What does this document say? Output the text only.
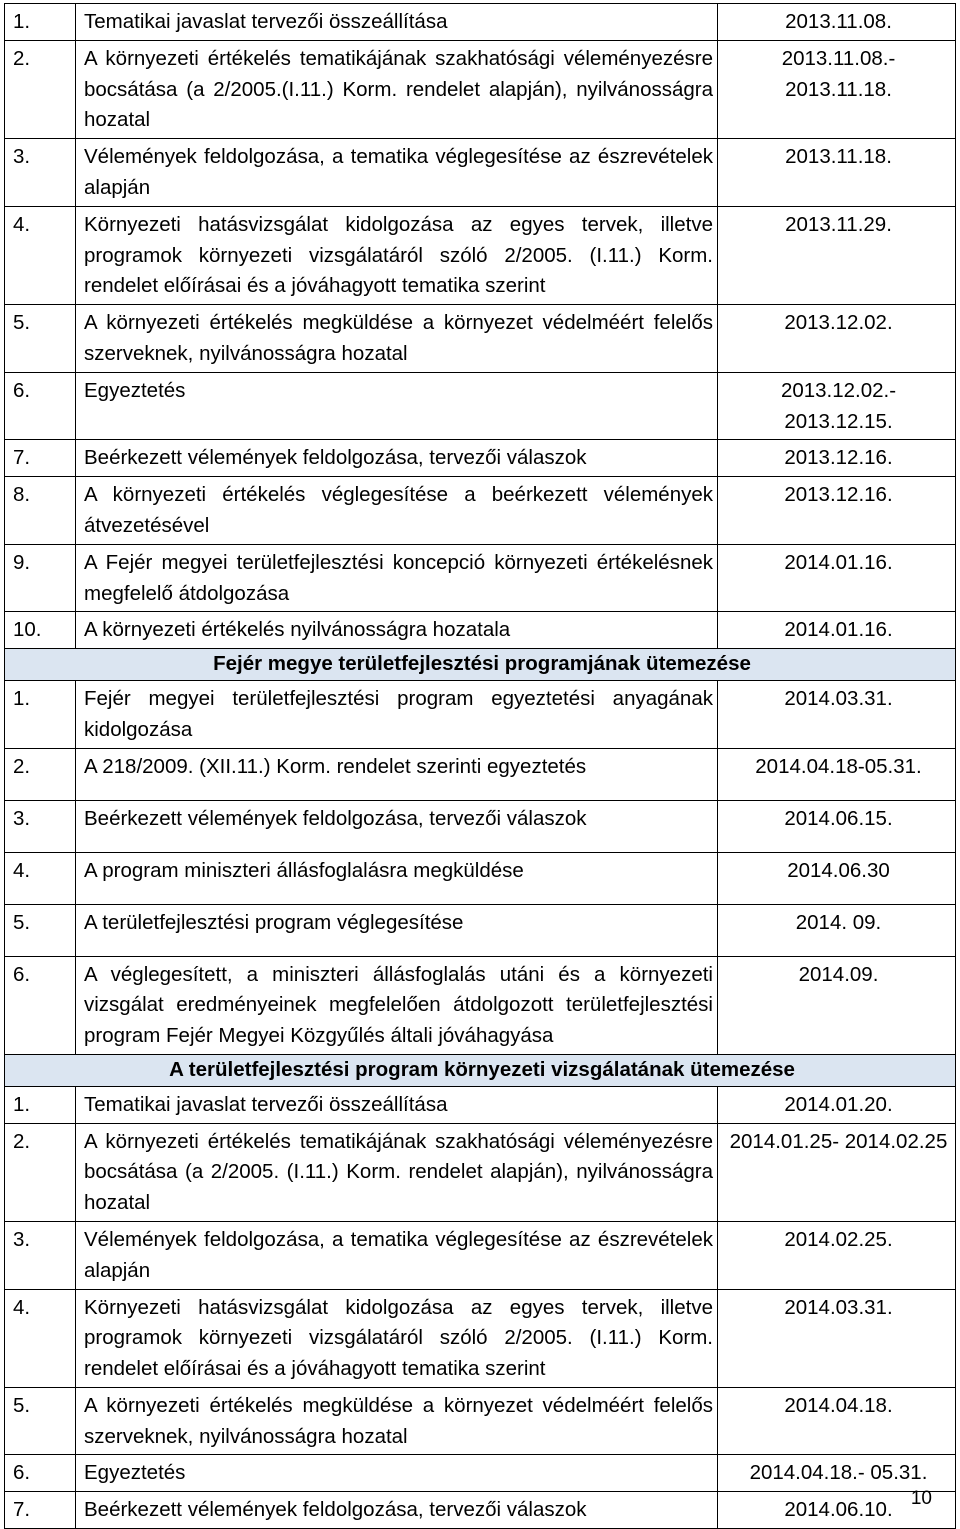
1.	Tematikai javaslat tervezői összeállítása	2013.11.08.
2.	A környezeti értékelés tematikájának szakhatósági véleményezésre bocsátása (a 2/2005.(I.11.) Korm. rendelet alapján), nyilvánosságra hozatal	2013.11.08.- 2013.11.18.
3.	Vélemények feldolgozása, a tematika véglegesítése az észrevételek alapján	2013.11.18.
4.	Környezeti hatásvizsgálat kidolgozása az egyes tervek, illetve programok környezeti vizsgálatáról szóló 2/2005. (I.11.) Korm. rendelet előírásai és a jóváhagyott tematika szerint	2013.11.29.
5.	A környezeti értékelés megküldése a környezet védelméért felelős szerveknek, nyilvánosságra hozatal	2013.12.02.
6.	Egyeztetés	2013.12.02.- 2013.12.15.
7.	Beérkezett vélemények feldolgozása, tervezői válaszok	2013.12.16.
8.	A környezeti értékelés véglegesítése a beérkezett vélemények átvezetésével	2013.12.16.
9.	A Fejér megyei területfejlesztési koncepció környezeti értékelésnek megfelelő átdolgozása	2014.01.16.
10.	A környezeti értékelés nyilvánosságra hozatala	2014.01.16.
Fejér megye területfejlesztési programjának ütemezése		
1.	Fejér megyei területfejlesztési program egyeztetési anyagának kidolgozása	2014.03.31.
2.	A 218/2009. (XII.11.) Korm. rendelet szerinti egyeztetés	2014.04.18-05.31.
3.	Beérkezett vélemények feldolgozása, tervezői válaszok	2014.06.15.
4.	A program miniszteri állásfoglalásra megküldése	2014.06.30
5.	A területfejlesztési program véglegesítése	2014. 09.
6.	A véglegesített, a miniszteri állásfoglalás utáni és a környezeti vizsgálat eredményeinek megfelelően átdolgozott területfejlesztési program Fejér Megyei Közgyűlés általi jóváhagyása	2014.09.
A területfejlesztési program környezeti vizsgálatának ütemezése		
1.	Tematikai javaslat tervezői összeállítása	2014.01.20.
2.	A környezeti értékelés tematikájának szakhatósági véleményezésre bocsátása (a 2/2005. (I.11.) Korm. rendelet alapján), nyilvánosságra hozatal	2014.01.25- 2014.02.25
3.	Vélemények feldolgozása, a tematika véglegesítése az észrevételek alapján	2014.02.25.
4.	Környezeti hatásvizsgálat kidolgozása az egyes tervek, illetve programok környezeti vizsgálatáról szóló 2/2005. (I.11.) Korm. rendelet előírásai és a jóváhagyott tematika szerint	2014.03.31.
5.	A környezeti értékelés megküldése a környezet védelméért felelős szerveknek, nyilvánosságra hozatal	2014.04.18.
6.	Egyeztetés	2014.04.18.- 05.31.
7.	Beérkezett vélemények feldolgozása, tervezői válaszok	2014.06.10. 10
